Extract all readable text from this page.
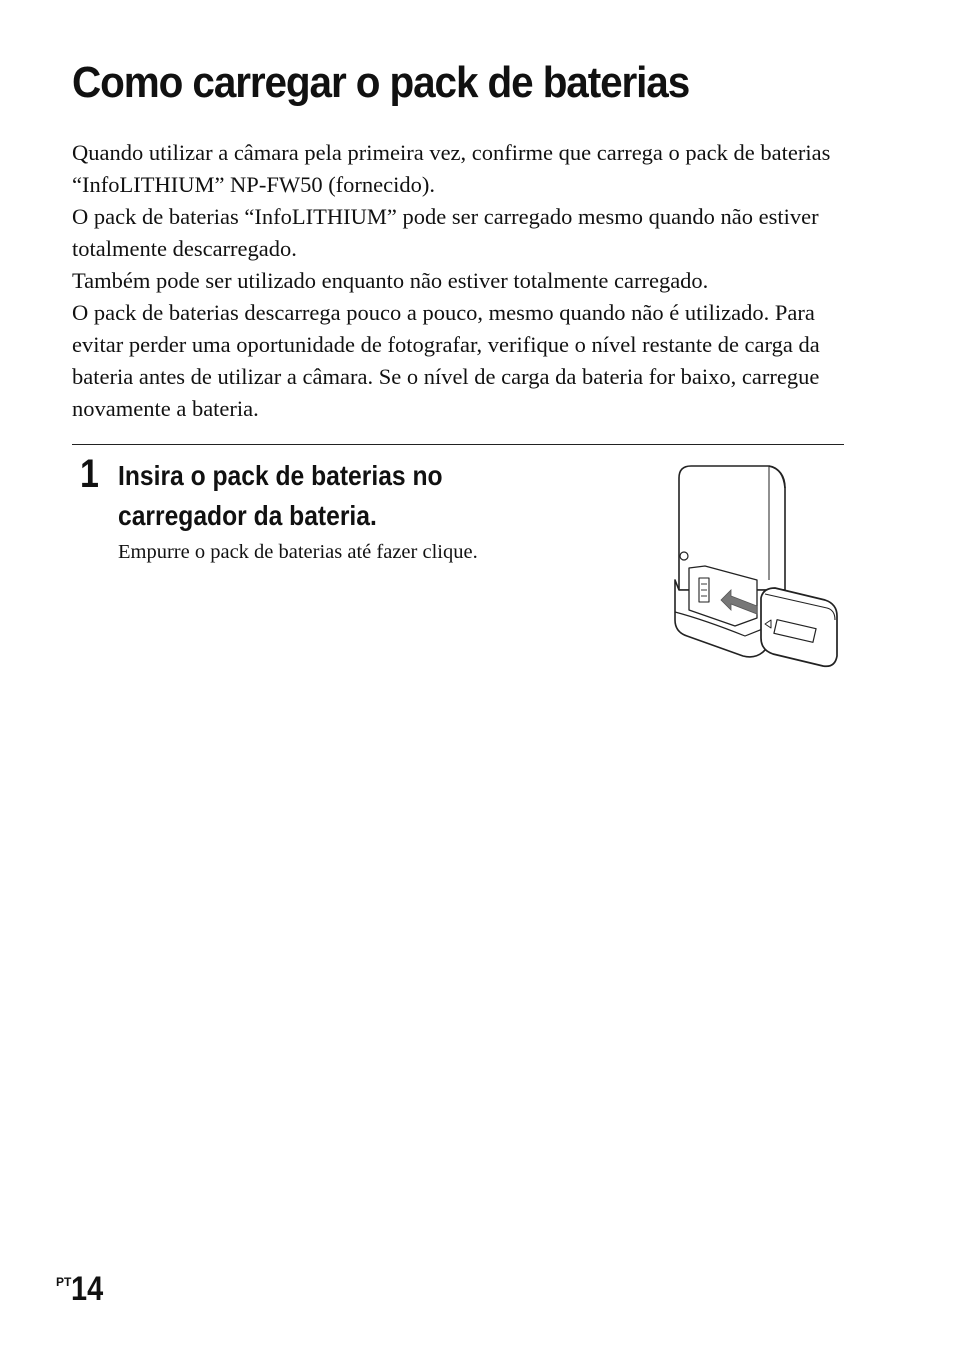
Como carregar o pack de baterias

Quando utilizar a câmara pela primeira vez, confirme que carrega o pack de baterias “InfoLITHIUM” NP-FW50 (fornecido).

O pack de baterias “InfoLITHIUM” pode ser carregado mesmo quando não estiver totalmente descarregado.

Também pode ser utilizado enquanto não estiver totalmente carregado.

O pack de baterias descarrega pouco a pouco, mesmo quando não é utilizado. Para evitar perder uma oportunidade de fotografar, verifique o nível restante de carga da bateria antes de utilizar a câmara. Se o nível de carga da bateria for baixo, carregue novamente a bateria.

1 Insira o pack de baterias no carregador da bateria.

Empurre o pack de baterias até fazer clique.

$^{PT}$14
